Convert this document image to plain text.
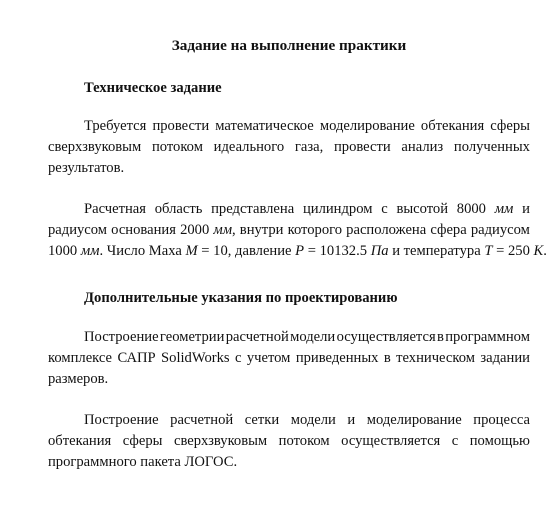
Задание на выполнение практики
Техническое задание
Требуется провести математическое моделирование обтекания сферы
сверхзвуковым потоком идеального газа, провести анализ полученных
результатов.
Расчетная область представлена цилиндром с высотой 8000 мм и
радиусом основания 2000 мм, внутри которого расположена сфера радиусом
1000 мм. Число Маха M = 10, давление P = 10132.5 Па и температура T = 250 K.
Дополнительные указания по проектированию
Построение геометрии расчетной модели осуществляется в программном
комплексе САПР SolidWorks с учетом приведенных в техническом задании
размеров.
Построение расчетной сетки модели и моделирование процесса
обтекания сферы сверхзвуковым потоком осуществляется с помощью
программного пакета ЛОГОС.
